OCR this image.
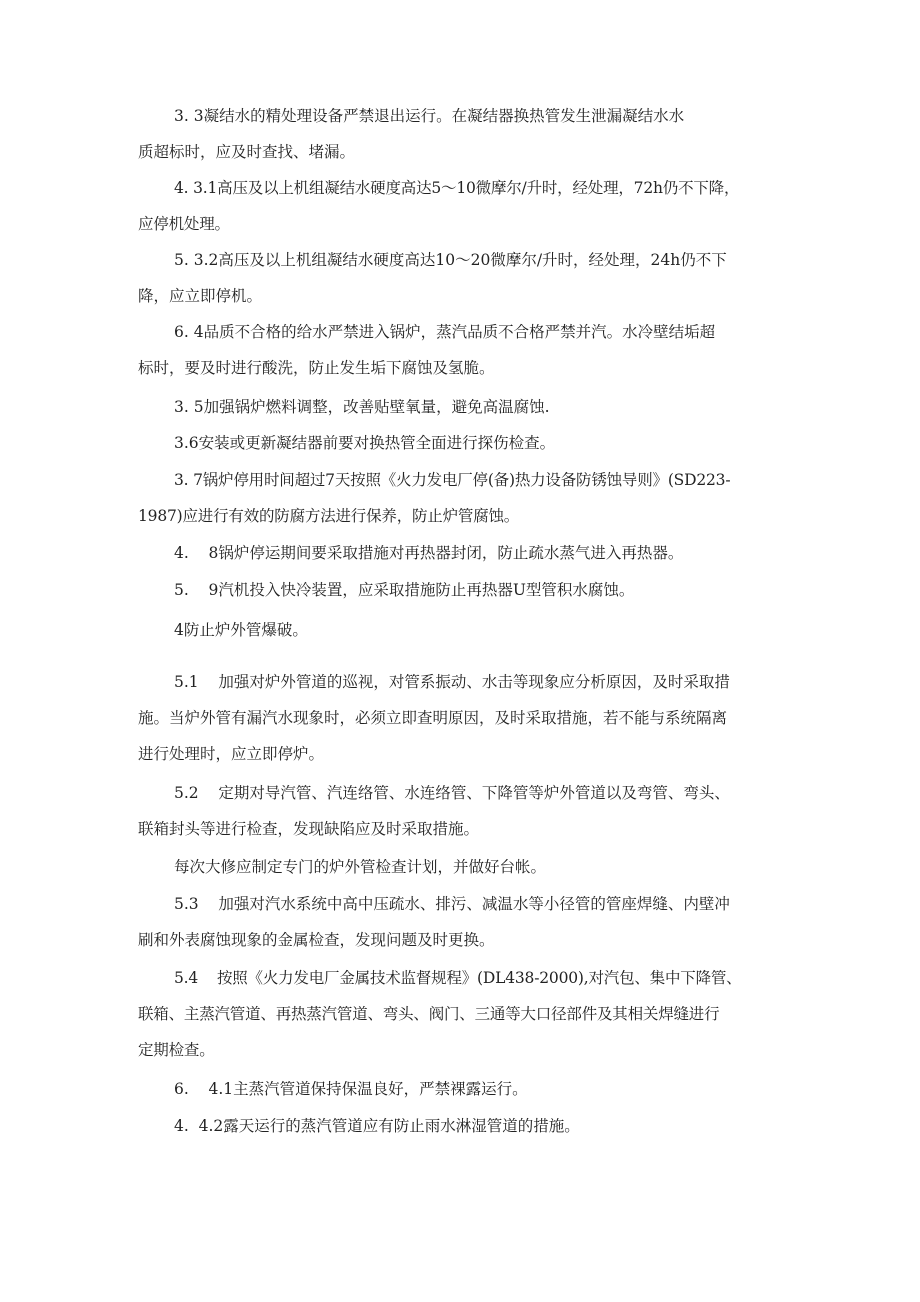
3. 3凝结水的精处理设备严禁退出运行。在凝结器换热管发生泄漏凝结水水
质超标时，应及时查找、堵漏。
4. 3.1高压及以上机组凝结水硬度高达5～10微摩尔/升时，经处理，72h仍不下降，
应停机处理。
5. 3.2高压及以上机组凝结水硬度高达10～20微摩尔/升时，经处理，24h仍不下
降，应立即停机。
6. 4品质不合格的给水严禁进入锅炉，蒸汽品质不合格严禁并汽。水冷壁结垢超
标时，要及时进行酸洗，防止发生垢下腐蚀及氢脆。
3. 5加强锅炉燃料调整，改善贴壁氧量，避免高温腐蚀.
3.6安装或更新凝结器前要对换热管全面进行探伤检查。
3. 7锅炉停用时间超过7天按照《火力发电厂停(备)热力设备防锈蚀导则》(SD223-
1987)应进行有效的防腐方法进行保养，防止炉管腐蚀。
4.    8锅炉停运期间要采取措施对再热器封闭，防止疏水蒸气进入再热器。
5.    9汽机投入快冷装置，应采取措施防止再热器U型管积水腐蚀。
4防止炉外管爆破。
5.1    加强对炉外管道的巡视，对管系振动、水击等现象应分析原因，及时采取措
施。当炉外管有漏汽水现象时，必须立即查明原因，及时采取措施，若不能与系统隔离
进行处理时，应立即停炉。
5.2    定期对导汽管、汽连络管、水连络管、下降管等炉外管道以及弯管、弯头、
联箱封头等进行检查，发现缺陷应及时采取措施。
每次大修应制定专门的炉外管检查计划，并做好台帐。
5.3    加强对汽水系统中高中压疏水、排污、减温水等小径管的管座焊缝、内壁冲
刷和外表腐蚀现象的金属检查，发现问题及时更换。
5.4    按照《火力发电厂金属技术监督规程》(DL438-2000),对汽包、集中下降管、
联箱、主蒸汽管道、再热蒸汽管道、弯头、阀门、三通等大口径部件及其相关焊缝进行
定期检查。
6.    4.1主蒸汽管道保持保温良好，严禁裸露运行。
4.  4.2露天运行的蒸汽管道应有防止雨水淋湿管道的措施。
